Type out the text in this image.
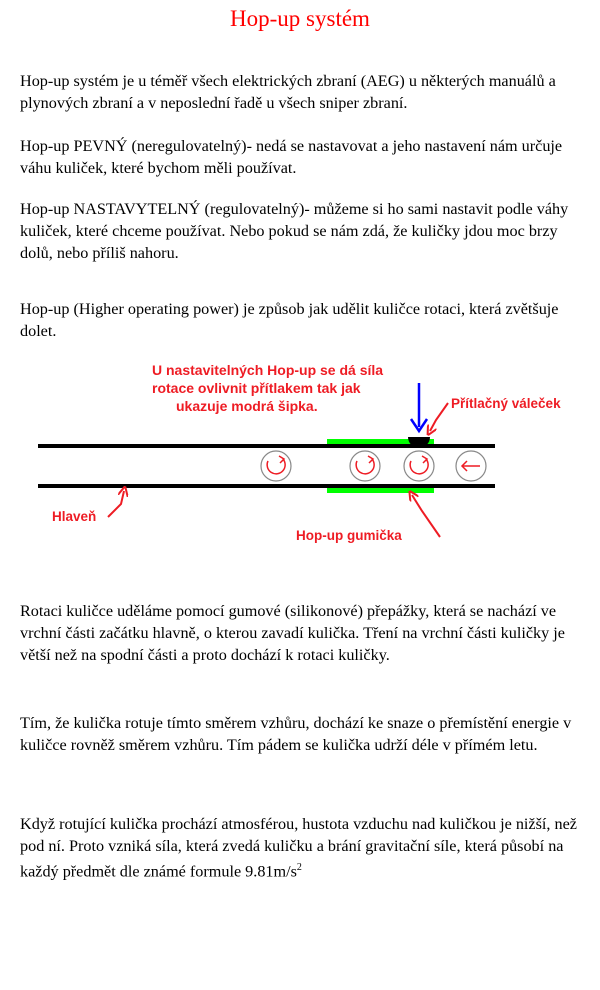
Hop-up systém

Hop-up systém je u téměř všech elektrických zbraní (AEG) u některých manuálů a plynových zbraní a v neposlední řadě u všech sniper zbraní.

Hop-up PEVNÝ (neregulovatelný)- nedá se nastavovat a jeho nastavení nám určuje váhu kuliček, které bychom měli používat.

Hop-up NASTAVYTELNÝ (regulovatelný)- můžeme si ho sami nastavit podle váhy kuliček, které chceme používat. Nebo pokud se nám zdá, že kuličky jdou moc brzy dolů, nebo příliš nahoru.

Hop-up (Higher operating power) je způsob jak udělit kuličce rotaci, která zvětšuje dolet.

U nastavitelných Hop-up se dá síla
rotace ovlivnit přítlakem tak jak
ukazuje modrá šipka.	Přítlačný váleček
Hlaveň
Hop-up gumička

Rotaci kuličce uděláme pomocí gumové (silikonové) přepážky, která se nachází ve vrchní části začátku hlavně, o kterou zavadí kulička. Tření na vrchní části kuličky je větší než na spodní části a proto dochází k rotaci kuličky.

Tím, že kulička rotuje tímto směrem vzhůru, dochází ke snaze o přemístění energie v kuličce rovněž směrem vzhůru. Tím pádem se kulička udrží déle v přímém letu.

Když rotující kulička prochází atmosférou, hustota vzduchu nad kuličkou je nižší, než pod ní. Proto vzniká síla, která zvedá kuličku a brání gravitační síle, která působí na každý předmět dle známé formule $9.81m/s^2$
